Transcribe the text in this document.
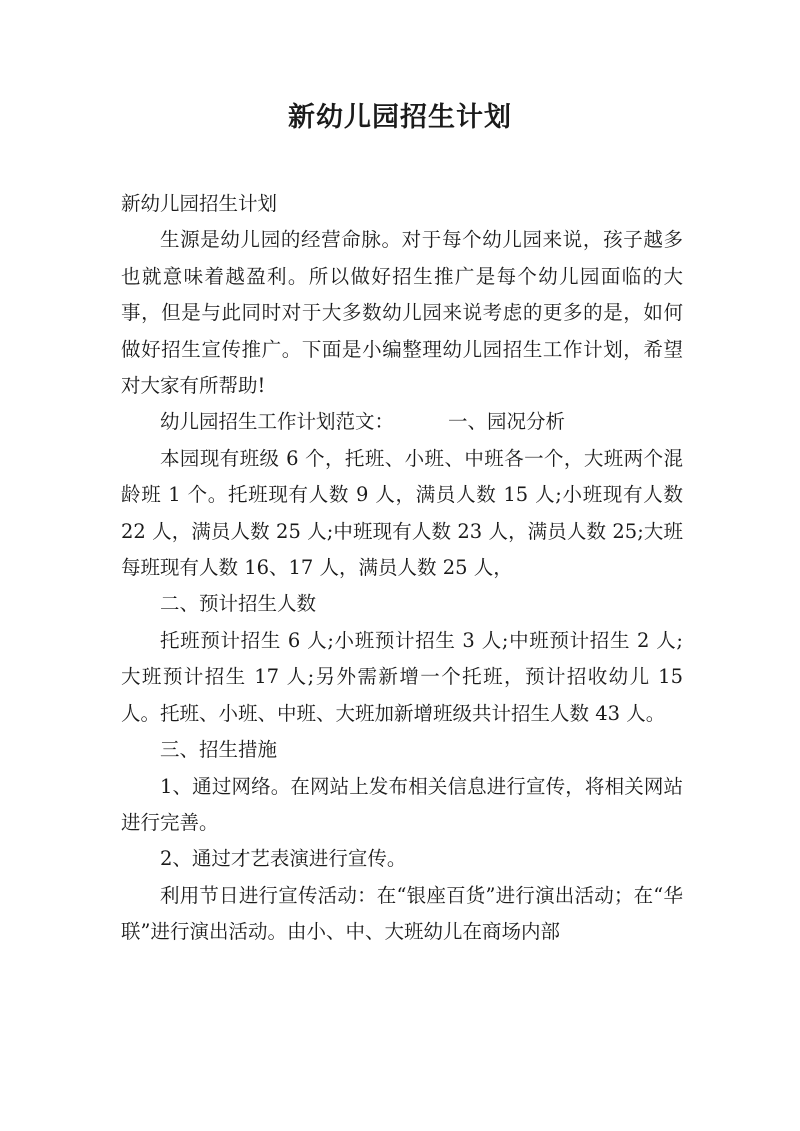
新幼儿园招生计划

新幼儿园招生计划

生源是幼儿园的经营命脉。对于每个幼儿园来说，孩子越多也就意味着越盈利。所以做好招生推广是每个幼儿园面临的大事，但是与此同时对于大多数幼儿园来说考虑的更多的是，如何做好招生宣传推广。下面是小编整理幼儿园招生工作计划，希望对大家有所帮助!

幼儿园招生工作计划范文：	一、园况分析

本园现有班级 6 个，托班、小班、中班各一个，大班两个混龄班 1 个。托班现有人数 9 人，满员人数 15 人;小班现有人数 22 人，满员人数 25 人;中班现有人数 23 人，满员人数 25;大班每班现有人数 16、17 人，满员人数 25 人，

二、预计招生人数

托班预计招生 6 人;小班预计招生 3 人;中班预计招生 2 人;大班预计招生 17 人;另外需新增一个托班，预计招收幼儿 15 人。托班、小班、中班、大班加新增班级共计招生人数 43 人。

三、招生措施

1、通过网络。在网站上发布相关信息进行宣传，将相关网站进行完善。

2、通过才艺表演进行宣传。

利用节日进行宣传活动：在“银座百货”进行演出活动；在“华联”进行演出活动。由小、中、大班幼儿在商场内部
